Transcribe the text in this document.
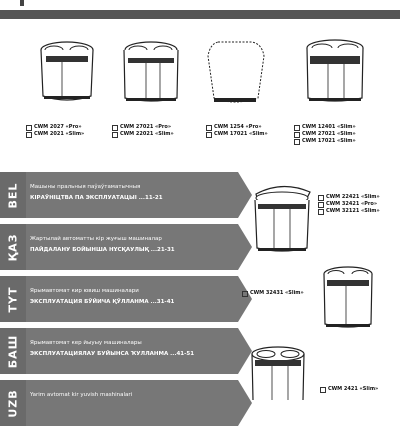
CWM 2027 «Pro»
CWM 2021 «Slim»
CWM 27021 «Pro»
CWM 22021 «Slim»
CWM 1254 «Pro»
CWM 17021 «Slim»
CWM 12401 «Slim»
CWM 27021 «Slim»
CWM 17021 «Slim»
BEL Машыны пральныя паўаўтаматычныя
КІРАЎНІЦТВА ПА ЭКСПЛУАТАЦЫІ ...11-21
ҚАЗ Жартылай автоматты кір жуғыш машиналар
ПАЙДАЛАНУ БОЙЫНША НҰСҚАУЛЫҚ ...21-31
ТҮТ Ярымавтомат кир ювиш машиналари
ЭКСПЛУАТАЦИЯ БЎЙИЧА ҚЎЛЛАНМА ...31-41
БАШ Ярымавтомат кер йыуыу машиналары
ЭКСПЛУАТАЦИЯЛАУ БУЙЫНСА ҠУЛЛАНМА ...41-51
UZB Yarim avtomat kir yuvish mashinalari
CWM 22421 «Slim»
CWM 32421 «Pro»
CWM 32121 «Slim»
CWM 32431 «Slim»
CWM 2421 «Slim»
